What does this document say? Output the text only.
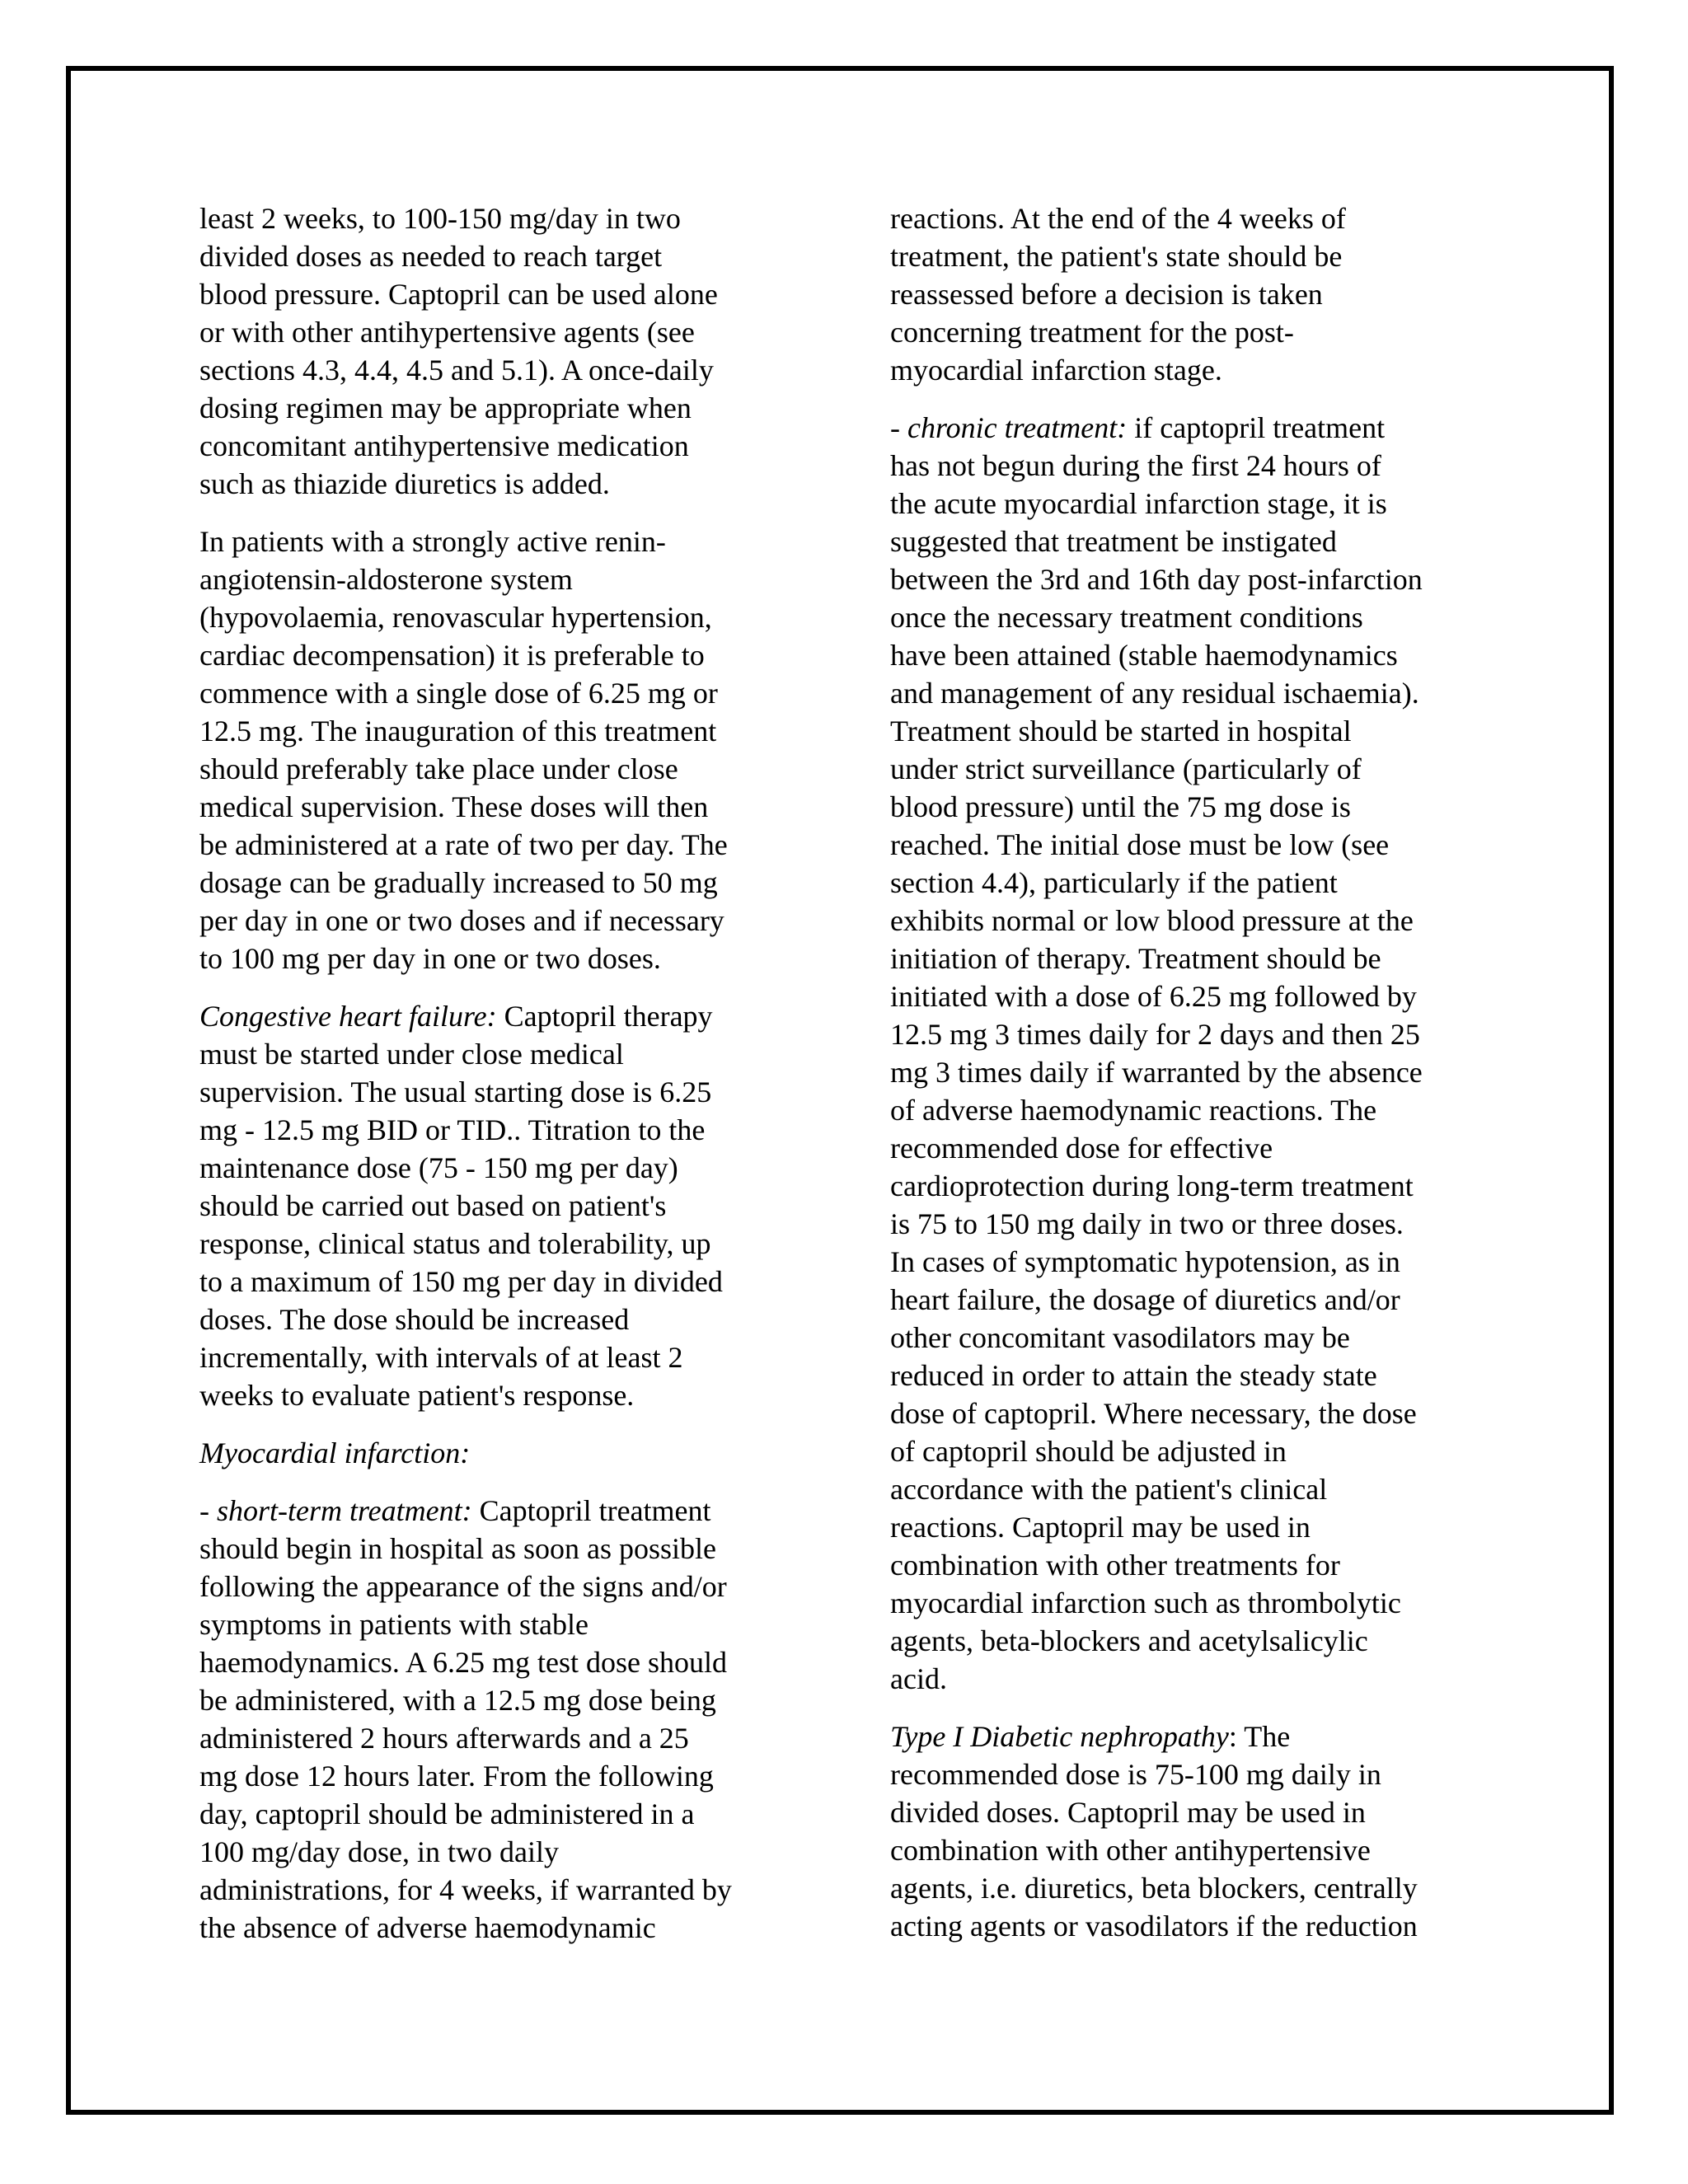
least 2 weeks, to 100-150 mg/day in two
divided doses as needed to reach target
blood pressure. Captopril can be used alone
or with other antihypertensive agents (see
sections 4.3, 4.4, 4.5 and 5.1). A once-daily
dosing regimen may be appropriate when
concomitant antihypertensive medication
such as thiazide diuretics is added.
In patients with a strongly active renin-
angiotensin-aldosterone system
(hypovolaemia, renovascular hypertension,
cardiac decompensation) it is preferable to
commence with a single dose of 6.25 mg or
12.5 mg. The inauguration of this treatment
should preferably take place under close
medical supervision. These doses will then
be administered at a rate of two per day. The
dosage can be gradually increased to 50 mg
per day in one or two doses and if necessary
to 100 mg per day in one or two doses.
Congestive heart failure: Captopril therapy
must be started under close medical
supervision. The usual starting dose is 6.25
mg - 12.5 mg BID or TID.. Titration to the
maintenance dose (75 - 150 mg per day)
should be carried out based on patient's
response, clinical status and tolerability, up
to a maximum of 150 mg per day in divided
doses. The dose should be increased
incrementally, with intervals of at least 2
weeks to evaluate patient's response.
Myocardial infarction:
- short-term treatment: Captopril treatment
should begin in hospital as soon as possible
following the appearance of the signs and/or
symptoms in patients with stable
haemodynamics. A 6.25 mg test dose should
be administered, with a 12.5 mg dose being
administered 2 hours afterwards and a 25
mg dose 12 hours later. From the following
day, captopril should be administered in a
100 mg/day dose, in two daily
administrations, for 4 weeks, if warranted by
the absence of adverse haemodynamic
reactions. At the end of the 4 weeks of
treatment, the patient's state should be
reassessed before a decision is taken
concerning treatment for the post-
myocardial infarction stage.
- chronic treatment: if captopril treatment
has not begun during the first 24 hours of
the acute myocardial infarction stage, it is
suggested that treatment be instigated
between the 3rd and 16th day post-infarction
once the necessary treatment conditions
have been attained (stable haemodynamics
and management of any residual ischaemia).
Treatment should be started in hospital
under strict surveillance (particularly of
blood pressure) until the 75 mg dose is
reached. The initial dose must be low (see
section 4.4), particularly if the patient
exhibits normal or low blood pressure at the
initiation of therapy. Treatment should be
initiated with a dose of 6.25 mg followed by
12.5 mg 3 times daily for 2 days and then 25
mg 3 times daily if warranted by the absence
of adverse haemodynamic reactions. The
recommended dose for effective
cardioprotection during long-term treatment
is 75 to 150 mg daily in two or three doses.
In cases of symptomatic hypotension, as in
heart failure, the dosage of diuretics and/or
other concomitant vasodilators may be
reduced in order to attain the steady state
dose of captopril. Where necessary, the dose
of captopril should be adjusted in
accordance with the patient's clinical
reactions. Captopril may be used in
combination with other treatments for
myocardial infarction such as thrombolytic
agents, beta-blockers and acetylsalicylic
acid.
Type I Diabetic nephropathy: The
recommended dose is 75-100 mg daily in
divided doses. Captopril may be used in
combination with other antihypertensive
agents, i.e. diuretics, beta blockers, centrally
acting agents or vasodilators if the reduction
